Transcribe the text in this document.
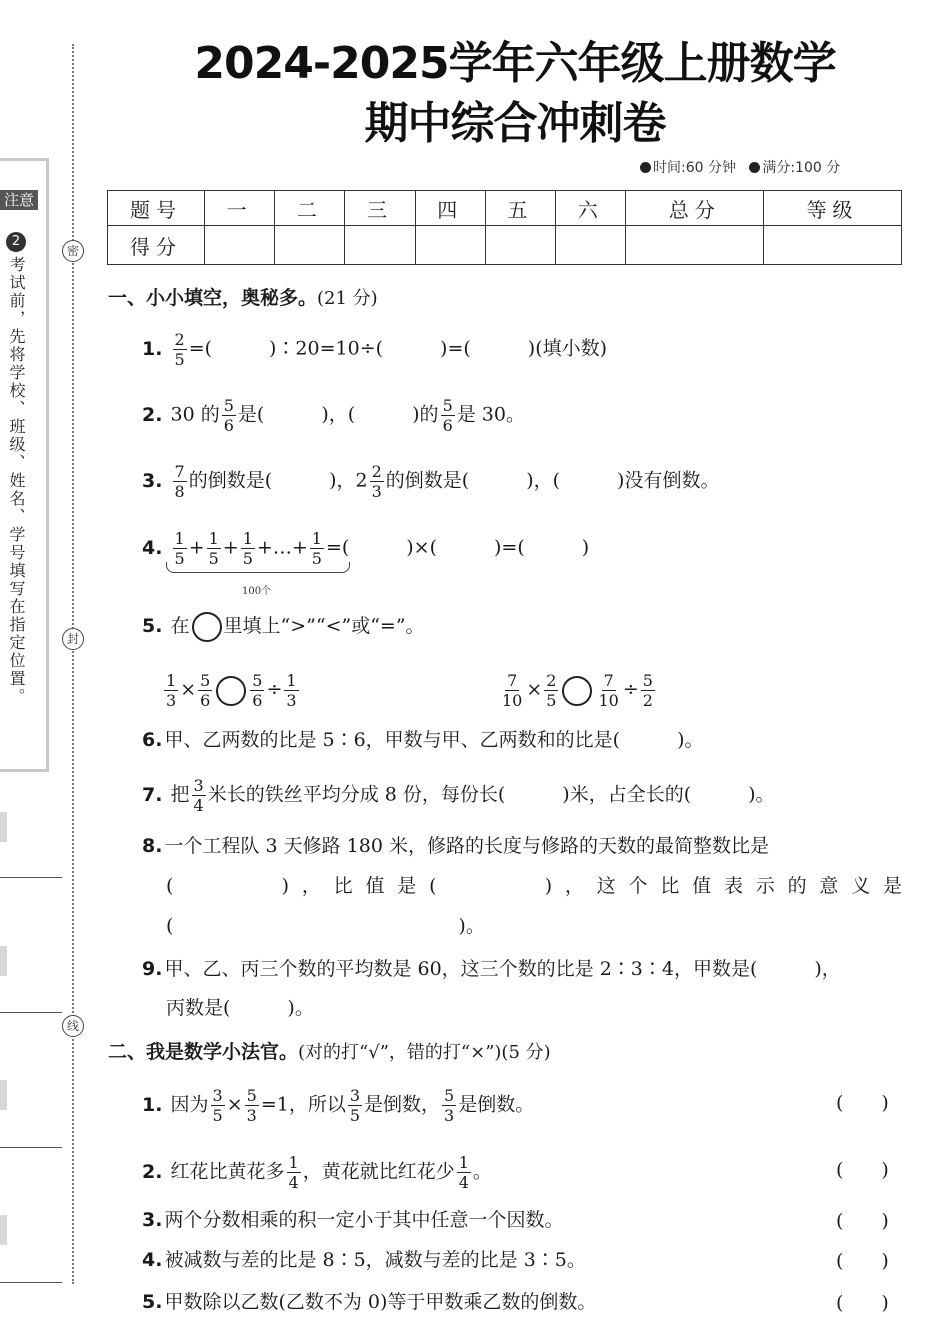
注意
2
考试前，先将学校、班级、姓名、学号填写在指定位置。
密
封
线
2024-2025学年六年级上册数学
期中综合冲刺卷
时间:60 分钟 满分:100 分
题号	一	二	三	四	五	六	总分	等级
得分								
一、小小填空，奥秘多。(21 分)
1. $\frac{2}{5}$ =(　　　)∶20=10÷(　　　)=(　　　)(填小数)
2. 30 的 $\frac{5}{6}$ 是(　　　)，(　　　)的 $\frac{5}{6}$ 是 30。
3. $\frac{7}{8}$ 的倒数是(　　　)，$2 \frac{2}{3}$ 的倒数是(　　　)，(　　　)没有倒数。
4. $\frac{1}{5} + \frac{1}{5} + \frac{1}{5}$ +…+ $\frac{1}{5}$ =(　　　)×(　　　)=(　　　)
100个
5. 在 里填上“>”“<”或“=”。
$\frac{1}{3} \times \frac{5}{6} \frac{5}{6} \div \frac{1}{3}$	$\frac{7}{10} \times \frac{2}{5} \frac{7}{10} \div \frac{5}{2}$
6. 甲、乙两数的比是 5∶6，甲数与甲、乙两数和的比是(　　　)。
7. 把 $\frac{3}{4}$ 米长的铁丝平均分成 8 份，每份长(　　　)米，占全长的(　　　)。
8. 一个工程队 3 天修路 180 米，修路的长度与修路的天数的最简整数比是
(　　　)，比值是(　　　)，这个比值表示的意义是
(　　　　　　　　　　　　　　　)。
9. 甲、乙、丙三个数的平均数是 60，这三个数的比是 2∶3∶4，甲数是(　　　)，
丙数是(　　　)。
二、我是数学小法官。(对的打“√”，错的打“×”)(5 分)
1. 因为 $\frac{3}{5} \times \frac{5}{3} =1$，所以 $\frac{3}{5}$ 是倒数， $\frac{5}{3}$ 是倒数。	(　　)
2. 红花比黄花多 $\frac{1}{4}$ ，黄花就比红花少 $\frac{1}{4}$ 。	(　　)
3. 两个分数相乘的积一定小于其中任意一个因数。	(　　)
4. 被减数与差的比是 8∶5，减数与差的比是 3∶5。	(　　)
5. 甲数除以乙数(乙数不为 0)等于甲数乘乙数的倒数。	(　　)
